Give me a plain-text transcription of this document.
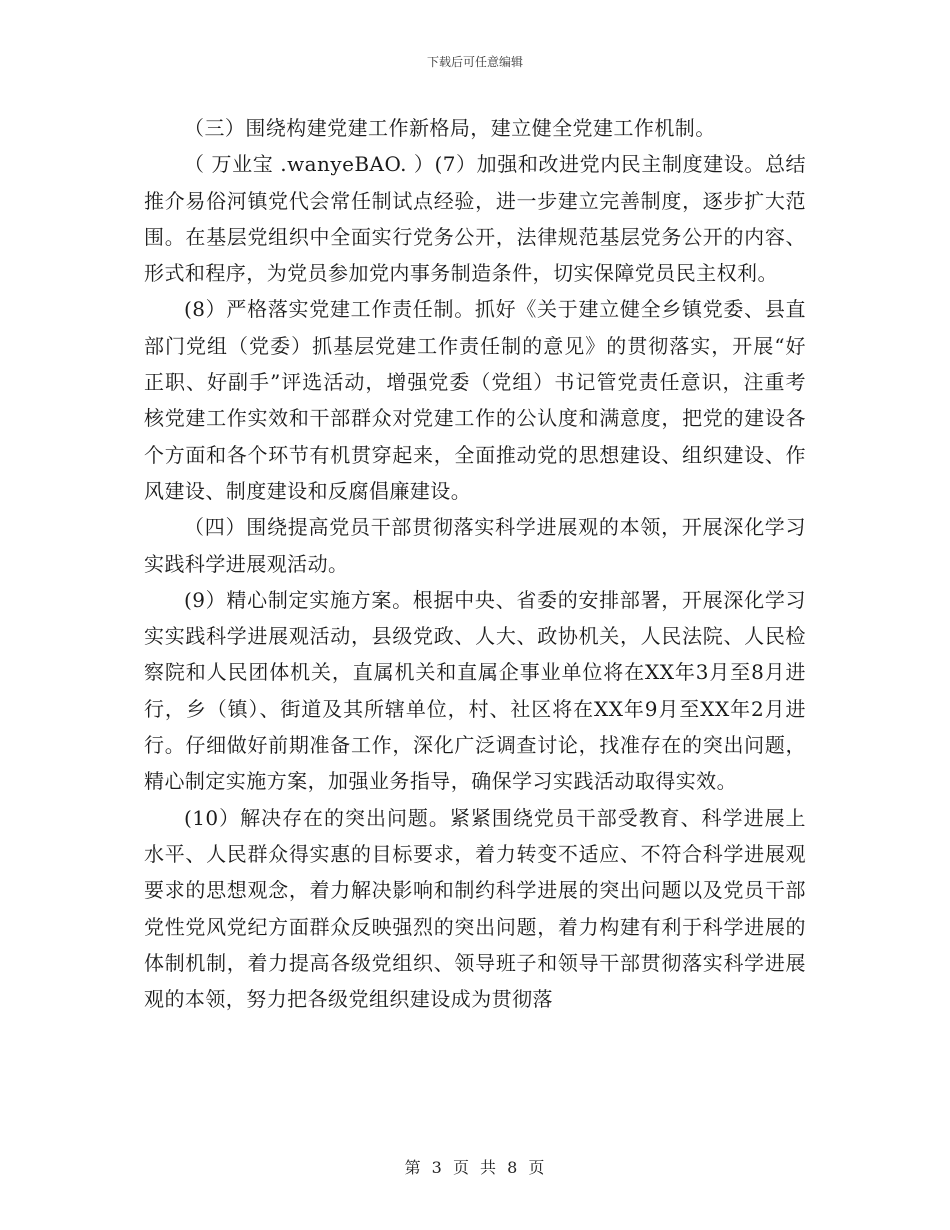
下载后可任意编辑

（三）围绕构建党建工作新格局，建立健全党建工作机制。

（ 万业宝 .wanyeBAO. ）(7）加强和改进党内民主制度建设。总结推介易俗河镇党代会常任制试点经验，进一步建立完善制度，逐步扩大范围。在基层党组织中全面实行党务公开，法律规范基层党务公开的内容、形式和程序，为党员参加党内事务制造条件，切实保障党员民主权利。

(8）严格落实党建工作责任制。抓好《关于建立健全乡镇党委、县直部门党组（党委）抓基层党建工作责任制的意见》的贯彻落实，开展“好正职、好副手”评选活动，增强党委（党组）书记管党责任意识，注重考核党建工作实效和干部群众对党建工作的公认度和满意度，把党的建设各个方面和各个环节有机贯穿起来，全面推动党的思想建设、组织建设、作风建设、制度建设和反腐倡廉建设。

（四）围绕提高党员干部贯彻落实科学进展观的本领，开展深化学习实践科学进展观活动。

(9）精心制定实施方案。根据中央、省委的安排部署，开展深化学习实实践科学进展观活动，县级党政、人大、政协机关，人民法院、人民检察院和人民团体机关，直属机关和直属企事业单位将在XX年3月至8月进行，乡（镇）、街道及其所辖单位，村、社区将在XX年9月至XX年2月进行。仔细做好前期准备工作，深化广泛调查讨论，找准存在的突出问题，精心制定实施方案，加强业务指导，确保学习实践活动取得实效。

(10）解决存在的突出问题。紧紧围绕党员干部受教育、科学进展上水平、人民群众得实惠的目标要求，着力转变不适应、不符合科学进展观要求的思想观念，着力解决影响和制约科学进展的突出问题以及党员干部党性党风党纪方面群众反映强烈的突出问题，着力构建有利于科学进展的体制机制，着力提高各级党组织、领导班子和领导干部贯彻落实科学进展观的本领，努力把各级党组织建设成为贯彻落

第 3 页 共 8 页
